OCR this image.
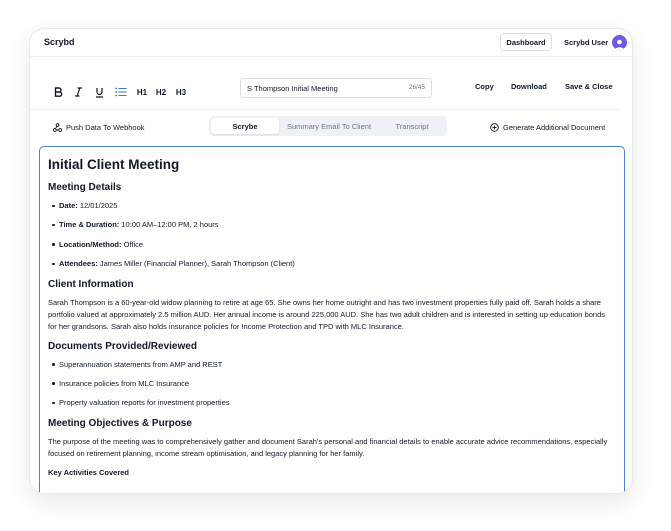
Scrybd	Dashboard	Scrybd User
H1 H2 H3
S Thompson Initial Meeting	26/45	Copy Download Save & Close
Push Data To Webhook	Scrybe	Summary Email To Client	Transcript	Generate Additional Document
Initial Client Meeting
Meeting Details
Date: 12/01/2025
Time & Duration: 10:00 AM–12:00 PM, 2 hours
Location/Method: Office
Attendees: James Miller (Financial Planner), Sarah Thompson (Client)
Client Information
Sarah Thompson is a 60-year-old widow planning to retire at age 65. She owns her home outright and has two investment properties fully paid off. Sarah holds a share portfolio valued at approximately 2.5 million AUD. Her annual income is around 225,000 AUD. She has two adult children and is interested in setting up education bonds for her grandsons. Sarah also holds insurance policies for Income Protection and TPD with MLC Insurance.
Documents Provided/Reviewed
Superannuation statements from AMP and REST
Insurance policies from MLC Insurance
Property valuation reports for investment properties
Meeting Objectives & Purpose
The purpose of the meeting was to comprehensively gather and document Sarah's personal and financial details to enable accurate advice recommendations, especially focused on retirement planning, income stream optimisation, and legacy planning for her family.
Key Activities Covered
